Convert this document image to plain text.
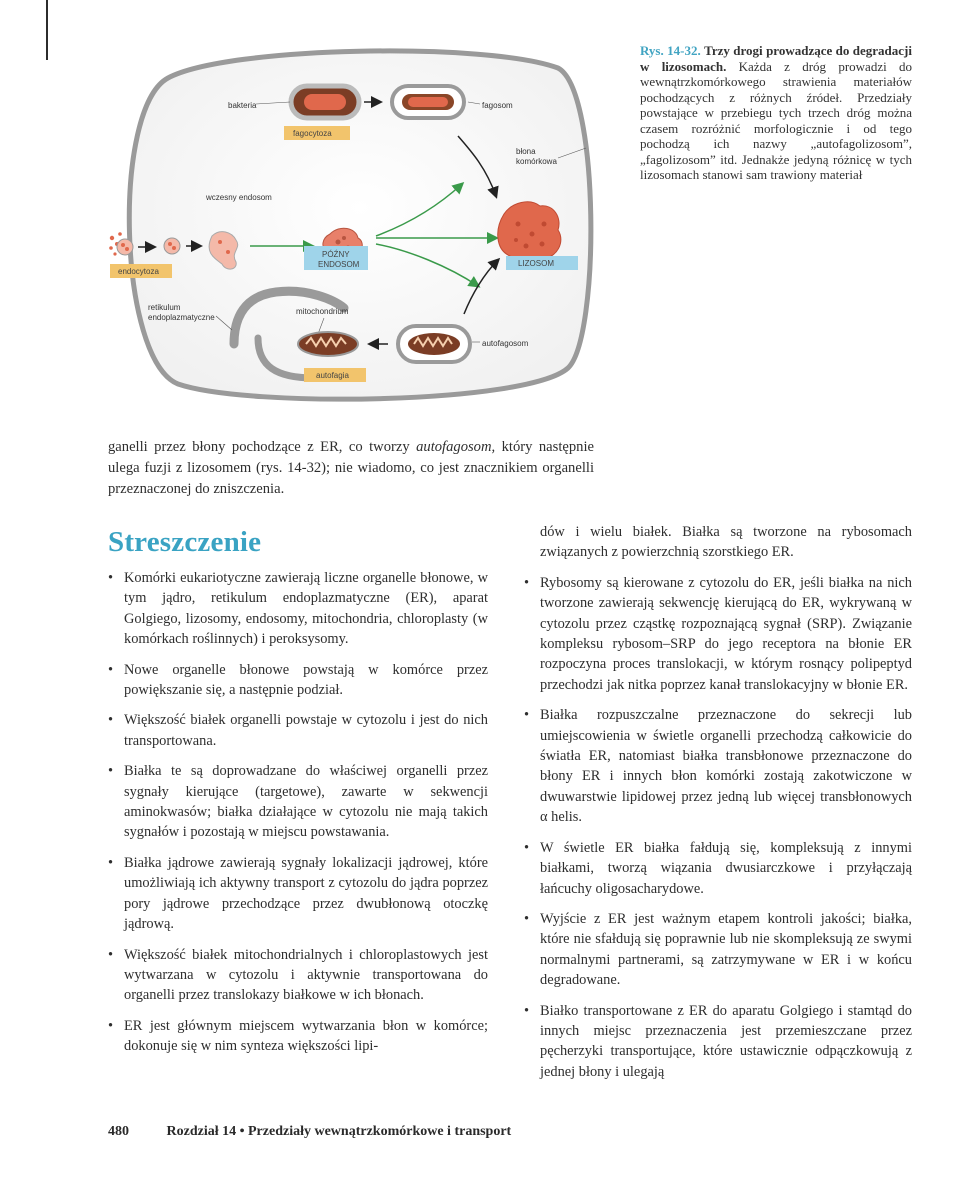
bakteria	fagosom
fagocytoza
błona
komórkowa
wczesny endosom
endocytoza
PÓŹNY
ENDOSOM	LIZOSOM
retikulum
endoplazmatyczne
mitochondrium
autofagosom
autofagia
Rys. 14-32. Trzy drogi prowadzące do degradacji w lizosomach. Każda z dróg prowadzi do wewnątrzkomórkowego strawienia materiałów pochodzących z różnych źródeł. Przedziały powstające w przebiegu tych trzech dróg można czasem rozróżnić morfologicznie i od tego pochodzą ich nazwy „autofagolizosom”, „fagolizosom” itd. Jednakże jedyną różnicę w tych lizosomach stanowi sam trawiony materiał
ganelli przez błony pochodzące z ER, co tworzy autofagosom, który następnie ulega fuzji z lizosomem (rys. 14-32); nie wiadomo, co jest znacznikiem organelli przeznaczonej do zniszczenia.
Streszczenie
• Komórki eukariotyczne zawierają liczne organelle błonowe, w tym jądro, retikulum endoplazmatyczne (ER), aparat Golgiego, lizosomy, endosomy, mitochondria, chloroplasty (w komórkach roślinnych) i peroksysomy.
• Nowe organelle błonowe powstają w komórce przez powiększanie się, a następnie podział.
• Większość białek organelli powstaje w cytozolu i jest do nich transportowana.
• Białka te są doprowadzane do właściwej organelli przez sygnały kierujące (targetowe), zawarte w sekwencji aminokwasów; białka działające w cytozolu nie mają takich sygnałów i pozostają w miejscu powstawania.
• Białka jądrowe zawierają sygnały lokalizacji jądrowej, które umożliwiają ich aktywny transport z cytozolu do jądra poprzez pory jądrowe przechodzące przez dwubłonową otoczkę jądrową.
• Większość białek mitochondrialnych i chloroplastowych jest wytwarzana w cytozolu i aktywnie transportowana do organelli przez translokazy białkowe w ich błonach.
• ER jest głównym miejscem wytwarzania błon w komórce; dokonuje się w nim synteza większości lipi-
dów i wielu białek. Białka są tworzone na rybosomach związanych z powierzchnią szorstkiego ER.
• Rybosomy są kierowane z cytozolu do ER, jeśli białka na nich tworzone zawierają sekwencję kierującą do ER, wykrywaną w cytozolu przez cząstkę rozpoznającą sygnał (SRP). Związanie kompleksu rybosom–SRP do jego receptora na błonie ER rozpoczyna proces translokacji, w którym rosnący polipeptyd przechodzi jak nitka poprzez kanał translokacyjny w błonie ER.
• Białka rozpuszczalne przeznaczone do sekrecji lub umiejscowienia w świetle organelli przechodzą całkowicie do światła ER, natomiast białka transbłonowe przeznaczone do błony ER i innych błon komórki zostają zakotwiczone w dwuwarstwie lipidowej przez jedną lub więcej transbłonowych α helis.
• W świetle ER białka fałdują się, kompleksują z innymi białkami, tworzą wiązania dwusiarczkowe i przyłączają łańcuchy oligosacharydowe.
• Wyjście z ER jest ważnym etapem kontroli jakości; białka, które nie sfałdują się poprawnie lub nie skompleksują ze swymi normalnymi partnerami, są zatrzymywane w ER i w końcu degradowane.
• Białko transportowane z ER do aparatu Golgiego i stamtąd do innych miejsc przeznaczenia jest przemieszczane przez pęcherzyki transportujące, które ustawicznie odpączkowują z jednej błony i ulegają
480	Rozdział 14 • Przedziały wewnątrzkomórkowe i transport
